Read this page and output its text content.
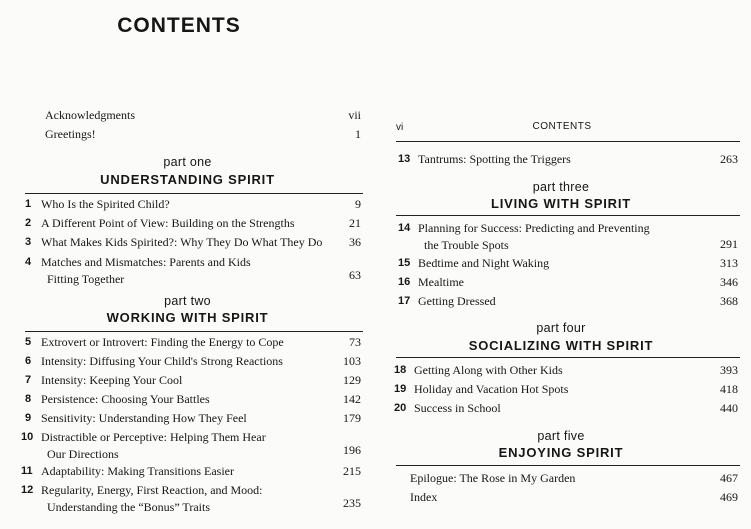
CONTENTS
Acknowledgments	vii
Greetings!	1
part one
UNDERSTANDING SPIRIT
1 Who Is the Spirited Child?	9
2 A Different Point of View: Building on the Strengths	21
3 What Makes Kids Spirited?: Why They Do What They Do	36
4 Matches and Mismatches: Parents and Kids
Fitting Together	63
part two
WORKING WITH SPIRIT
5 Extrovert or Introvert: Finding the Energy to Cope	73
6 Intensity: Diffusing Your Child's Strong Reactions	103
7 Intensity: Keeping Your Cool	129
8 Persistence: Choosing Your Battles	142
9 Sensitivity: Understanding How They Feel	179
10 Distractible or Perceptive: Helping Them Hear
Our Directions	196
11 Adaptability: Making Transitions Easier	215
12 Regularity, Energy, First Reaction, and Mood:
Understanding the “Bonus” Traits	235
vi	CONTENTS
13 Tantrums: Spotting the Triggers	263
part three
LIVING WITH SPIRIT
14 Planning for Success: Predicting and Preventing
the Trouble Spots	291
15 Bedtime and Night Waking	313
16 Mealtime	346
17 Getting Dressed	368
part four
SOCIALIZING WITH SPIRIT
18 Getting Along with Other Kids	393
19 Holiday and Vacation Hot Spots	418
20 Success in School	440
part five
ENJOYING SPIRIT
Epilogue: The Rose in My Garden	467
Index	469
